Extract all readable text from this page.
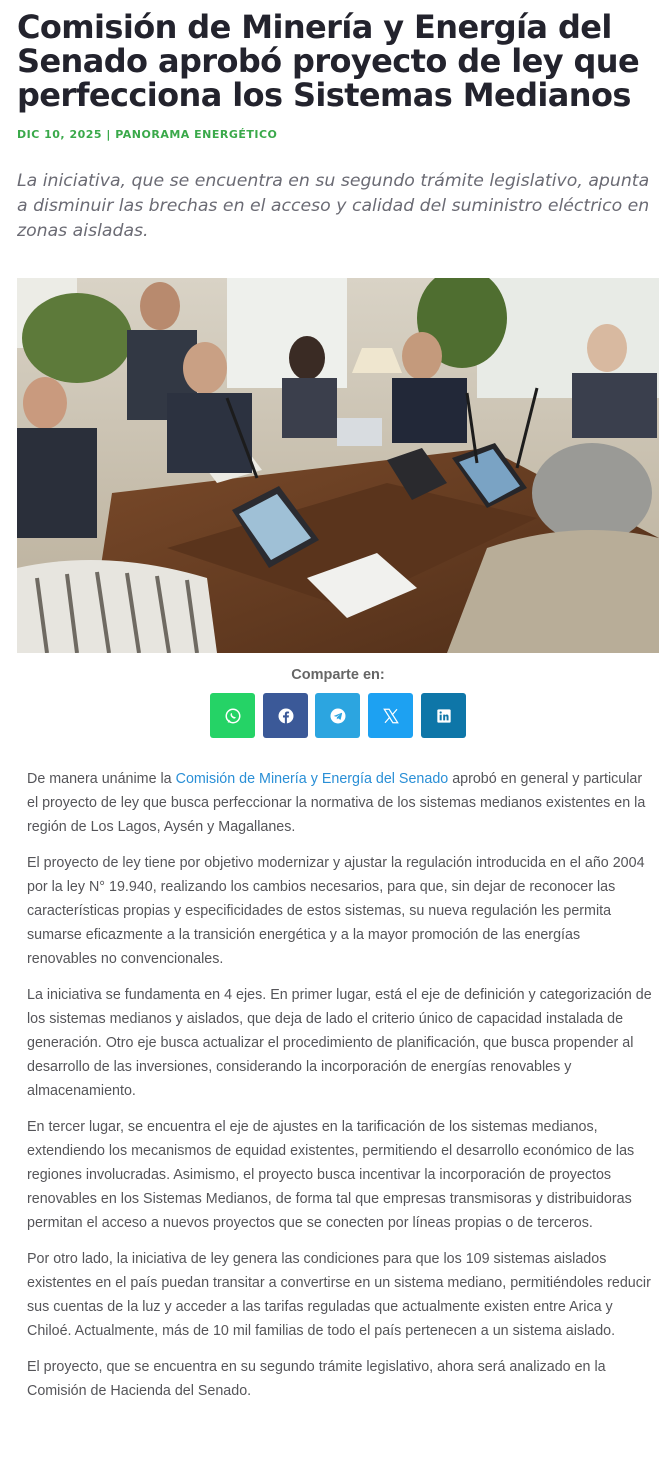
Comisión de Minería y Energía del Senado aprobó proyecto de ley que perfecciona los Sistemas Medianos
DIC 10, 2025 | PANORAMA ENERGÉTICO

La iniciativa, que se encuentra en su segundo trámite legislativo, apunta a disminuir las brechas en el acceso y calidad del suministro eléctrico en zonas aisladas.

Comparte en:

De manera unánime la Comisión de Minería y Energía del Senado aprobó en general y particular el proyecto de ley que busca perfeccionar la normativa de los sistemas medianos existentes en la región de Los Lagos, Aysén y Magallanes.

El proyecto de ley tiene por objetivo modernizar y ajustar la regulación introducida en el año 2004 por la ley N° 19.940, realizando los cambios necesarios, para que, sin dejar de reconocer las características propias y especificidades de estos sistemas, su nueva regulación les permita sumarse eficazmente a la transición energética y a la mayor promoción de las energías renovables no convencionales.

La iniciativa se fundamenta en 4 ejes. En primer lugar, está el eje de definición y categorización de los sistemas medianos y aislados, que deja de lado el criterio único de capacidad instalada de generación. Otro eje busca actualizar el procedimiento de planificación, que busca propender al desarrollo de las inversiones, considerando la incorporación de energías renovables y almacenamiento.

En tercer lugar, se encuentra el eje de ajustes en la tarificación de los sistemas medianos, extendiendo los mecanismos de equidad existentes, permitiendo el desarrollo económico de las regiones involucradas. Asimismo, el proyecto busca incentivar la incorporación de proyectos renovables en los Sistemas Medianos, de forma tal que empresas transmisoras y distribuidoras permitan el acceso a nuevos proyectos que se conecten por líneas propias o de terceros.

Por otro lado, la iniciativa de ley genera las condiciones para que los 109 sistemas aislados existentes en el país puedan transitar a convertirse en un sistema mediano, permitiéndoles reducir sus cuentas de la luz y acceder a las tarifas reguladas que actualmente existen entre Arica y Chiloé. Actualmente, más de 10 mil familias de todo el país pertenecen a un sistema aislado.

El proyecto, que se encuentra en su segundo trámite legislativo, ahora será analizado en la Comisión de Hacienda del Senado.
